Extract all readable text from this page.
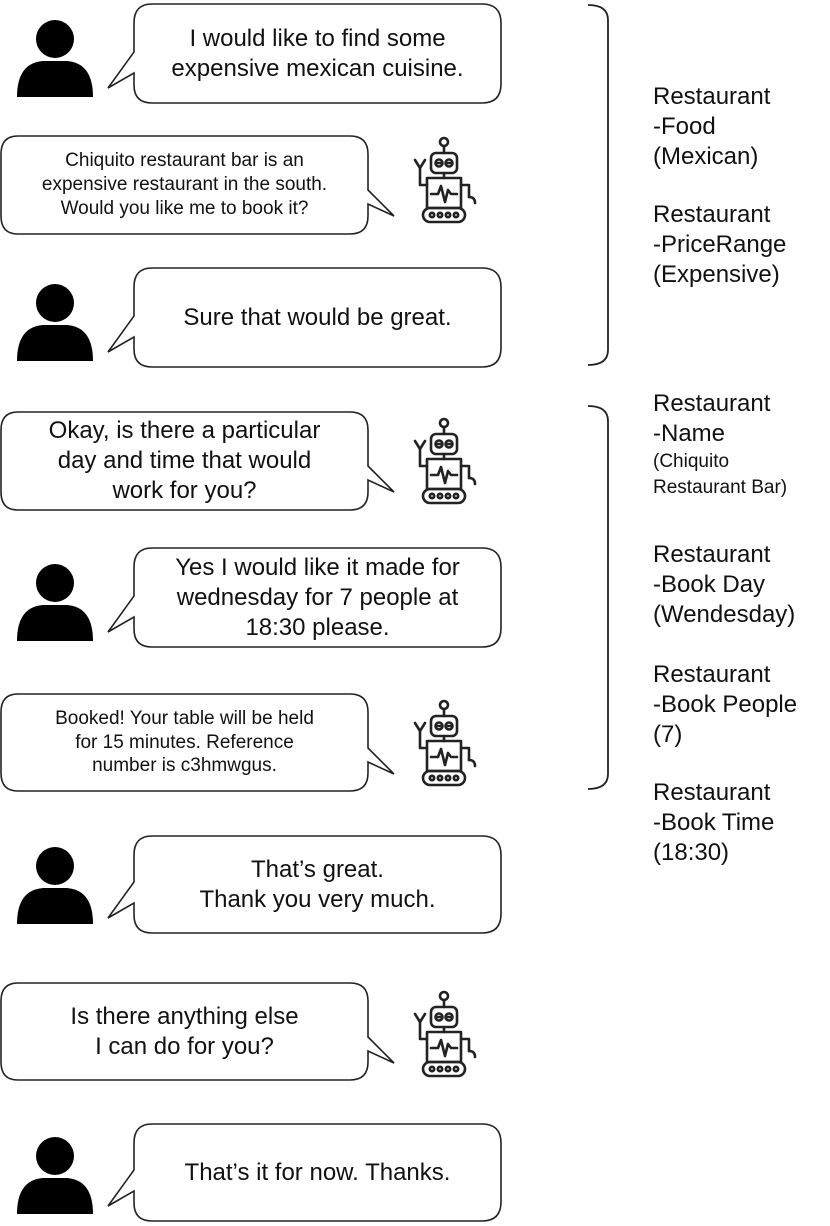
I would like to find some
expensive mexican cuisine.
Chiquito restaurant bar is an
expensive restaurant in the south.
Would you like me to book it?
Sure that would be great.
Okay, is there a particular
day and time that would
work for you?
Yes I would like it made for
wednesday for 7 people at
18:30 please.
Booked! Your table will be held
for 15 minutes. Reference
number is c3hmwgus.
That’s great.
Thank you very much.
Is there anything else
I can do for you?
That’s it for now. Thanks.
Restaurant
-Food
(Mexican)
Restaurant
-PriceRange
(Expensive)
Restaurant
-Name
(Chiquito
Restaurant Bar)
Restaurant
-Book Day
(Wendesday)
Restaurant
-Book People
(7)
Restaurant
-Book Time
(18:30)
